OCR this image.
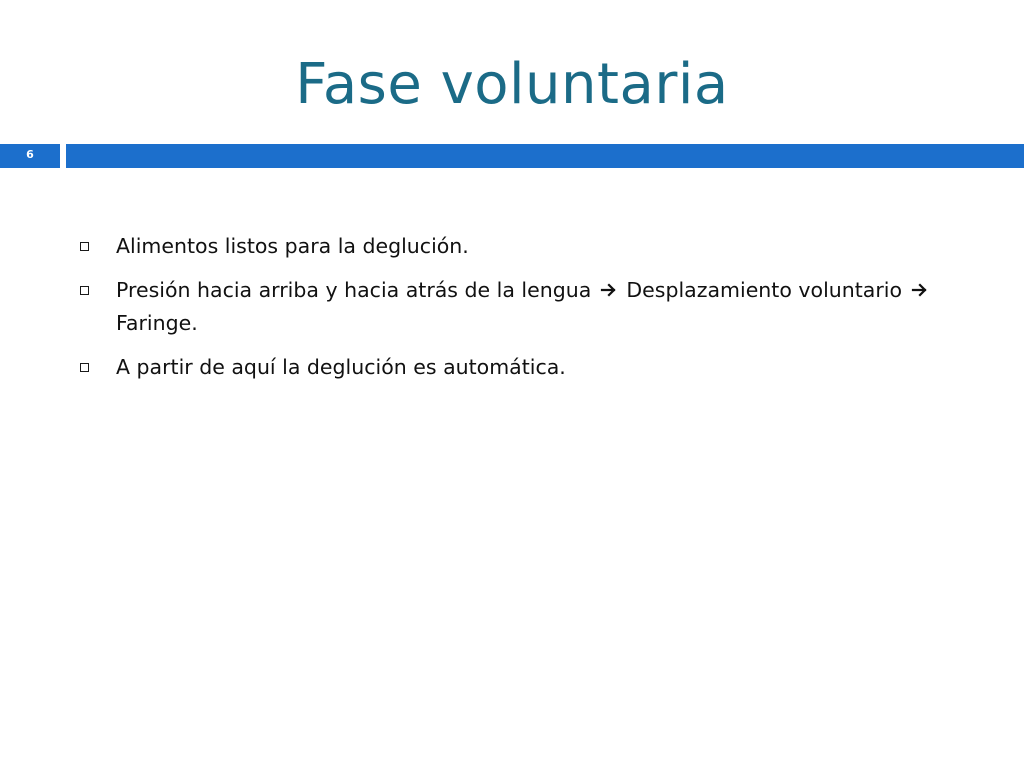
Fase voluntaria
6
Alimentos listos para la deglución.
Presión hacia arriba y hacia atrás de la lengua Desplazamiento voluntario  Faringe.
A partir de aquí la deglución es automática.
